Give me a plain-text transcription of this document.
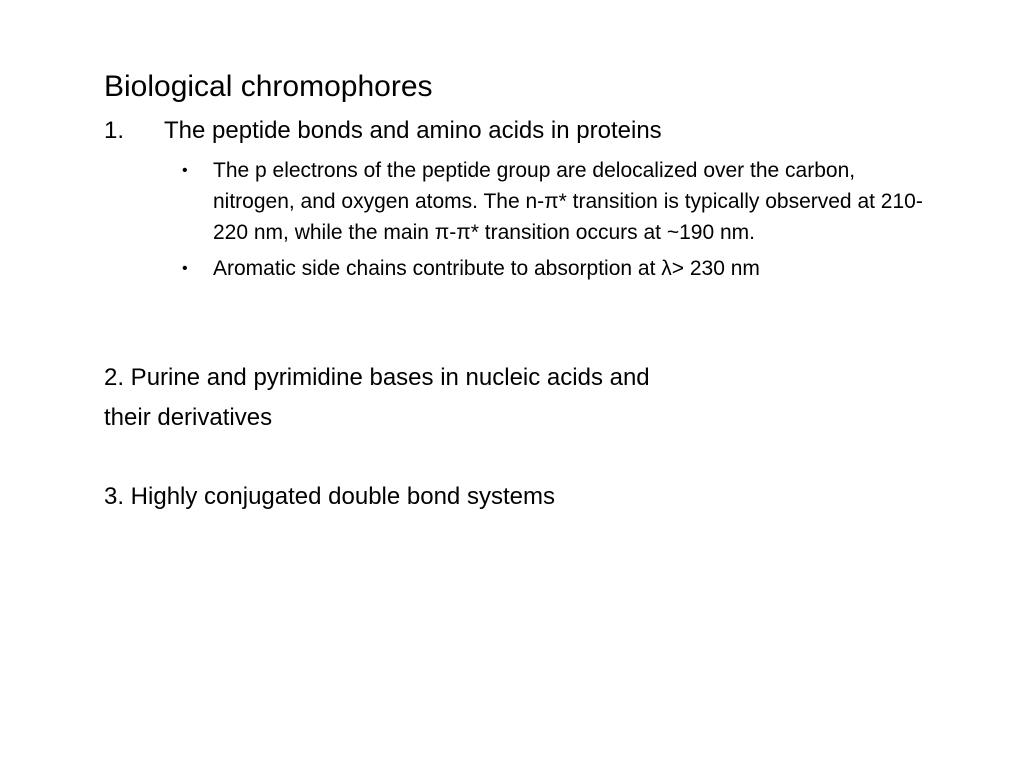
Biological chromophores
1. The peptide bonds and amino acids in proteins
• The p electrons of the peptide group are delocalized over the carbon, nitrogen, and oxygen atoms. The n-π* transition is typically observed at 210-220 nm, while the main π-π* transition occurs at ~190 nm.
• Aromatic side chains contribute to absorption at λ> 230 nm
2. Purine and pyrimidine bases in nucleic acids and
their derivatives
3. Highly conjugated double bond systems
